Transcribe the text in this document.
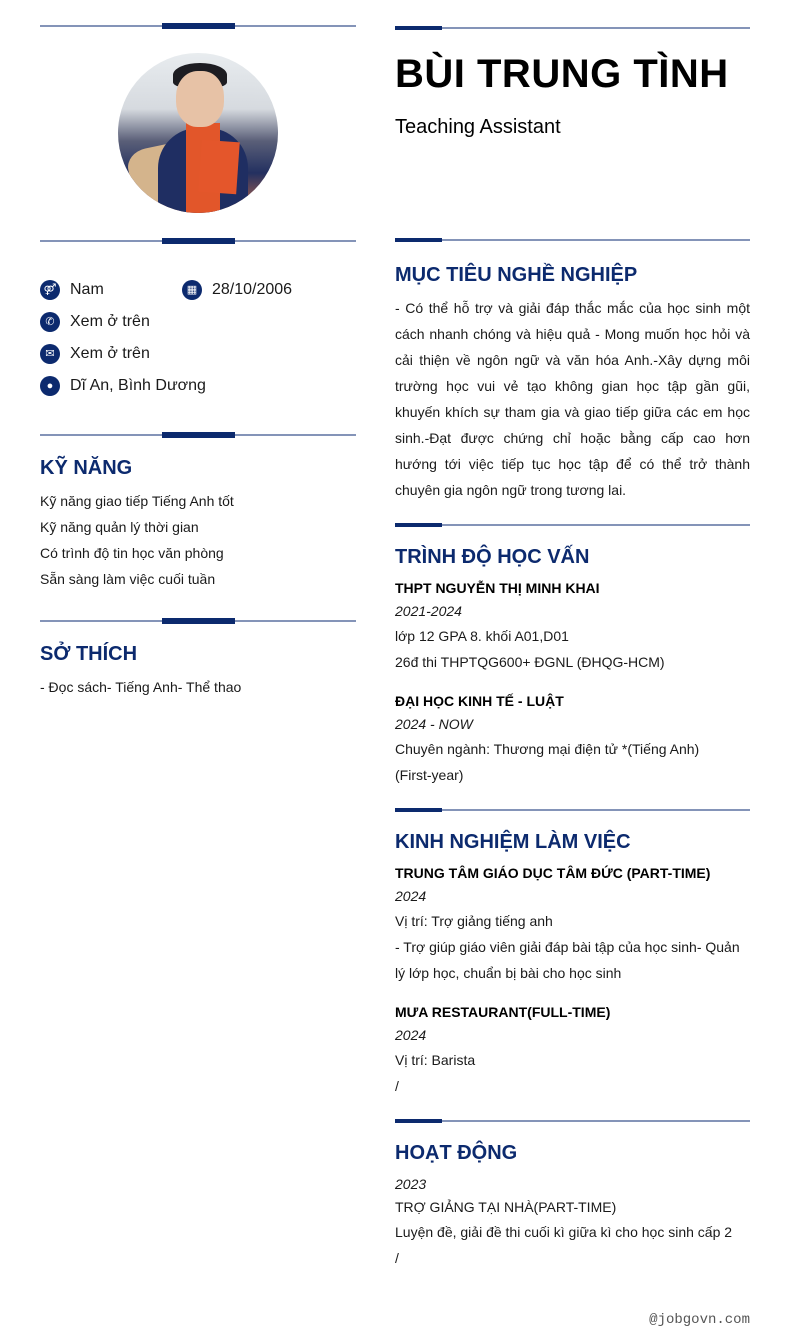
⚤ Nam	▦ 28/10/2006
✆ Xem ở trên
✉ Xem ở trên
●	Dĩ An, Bình Dương
KỸ NĂNG
Kỹ năng giao tiếp Tiếng Anh tốt
Kỹ năng quản lý thời gian
Có trình độ tin học văn phòng
Sẵn sàng làm việc cuối tuần
SỞ THÍCH
- Đọc sách- Tiếng Anh- Thể thao
BÙI TRUNG TÌNH
Teaching Assistant
MỤC TIÊU NGHỀ NGHIỆP
- Có thể hỗ trợ và giải đáp thắc mắc của học sinh một cách nhanh chóng và hiệu quả - Mong muốn học hỏi và cải thiện về ngôn ngữ và văn hóa Anh.-Xây dựng môi trường học vui vẻ tạo không gian học tập gần gũi, khuyến khích sự tham gia và giao tiếp giữa các em học sinh.-Đạt được chứng chỉ hoặc bằng cấp cao hơn hướng tới việc tiếp tục học tập để có thể trở thành chuyên gia ngôn ngữ trong tương lai.
TRÌNH ĐỘ HỌC VẤN
THPT NGUYỄN THỊ MINH KHAI
2021-2024
lớp 12 GPA 8. khối A01,D01
26đ thi THPTQG600+ ĐGNL (ĐHQG-HCM)
ĐẠI HỌC KINH TẾ - LUẬT
2024 - NOW
Chuyên ngành: Thương mại điện tử *(Tiếng Anh)
(First-year)
KINH NGHIỆM LÀM VIỆC
TRUNG TÂM GIÁO DỤC TÂM ĐỨC (PART-TIME)
2024
Vị trí: Trợ giảng tiếng anh
- Trợ giúp giáo viên giải đáp bài tập của học sinh- Quản lý lớp học, chuẩn bị bài cho học sinh
MƯA RESTAURANT(FULL-TIME)
2024
Vị trí: Barista
/
HOẠT ĐỘNG
2023
TRỢ GIẢNG TẠI NHÀ(PART-TIME)
Luyện đề, giải đề thi cuối kì giữa kì cho học sinh cấp 2
/
@jobgovn.com
